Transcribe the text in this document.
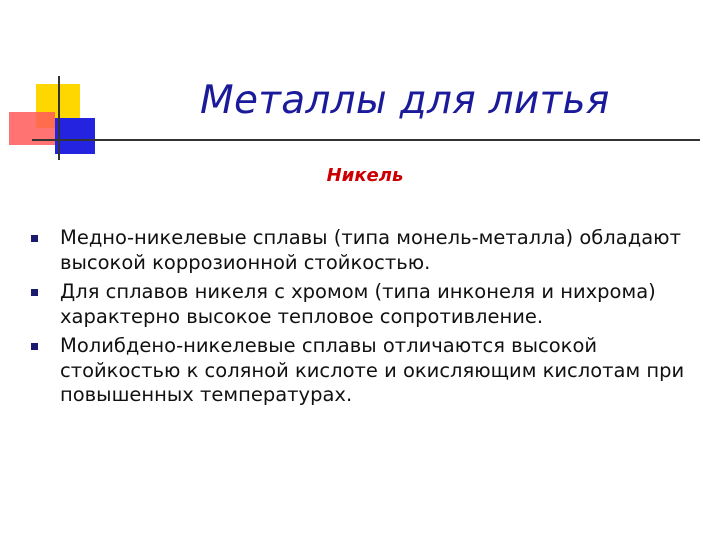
Металлы для литья
Никель
Медно-никелевые сплавы (типа монель-металла) обладают высокой коррозионной стойкостью.
Для сплавов никеля с хромом (типа инконеля и нихрома) характерно высокое тепловое сопротивление.
Молибдено-никелевые сплавы отличаются высокой стойкостью к соляной кислоте и окисляющим кислотам при повышенных температурах.
